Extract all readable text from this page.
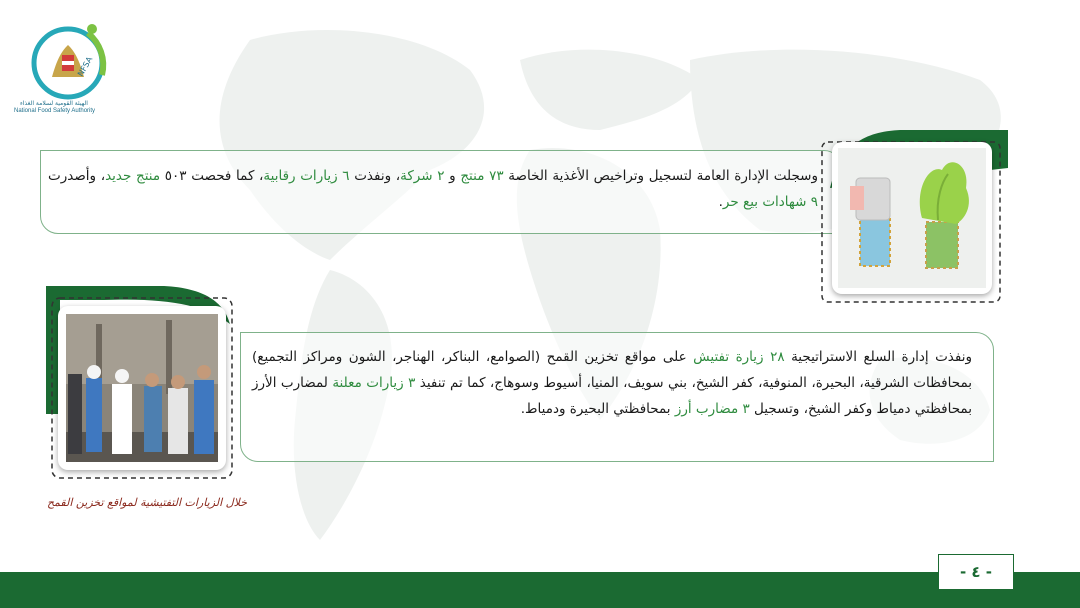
NFSA
الهيئة القومية لسلامة الغذاء
National Food Safety Authority
وسجلت الإدارة العامة لتسجيل وتراخيص الأغذية الخاصة ٧٣ منتج و ٢ شركة، ونفذت ٦ زيارات رقابية، كما فحصت ٥٠٣ منتج جديد، وأصدرت ٩ شهادات بيع حر.
ونفذت إدارة السلع الاستراتيجية ٢٨ زيارة تفتيش على مواقع تخزين القمح (الصوامع، البناكر، الهناجر، الشون ومراكز التجميع) بمحافظات الشرقية، البحيرة، المنوفية، كفر الشيخ، بني سويف، المنيا، أسيوط وسوهاج، كما تم تنفيذ ٣ زيارات معلنة لمضارب الأرز بمحافظتي دمياط وكفر الشيخ، وتسجيل ٣ مضارب أرز بمحافظتي البحيرة ودمياط.
خلال الزيارات التفتيشية لمواقع تخزين القمح
- ٤ -
